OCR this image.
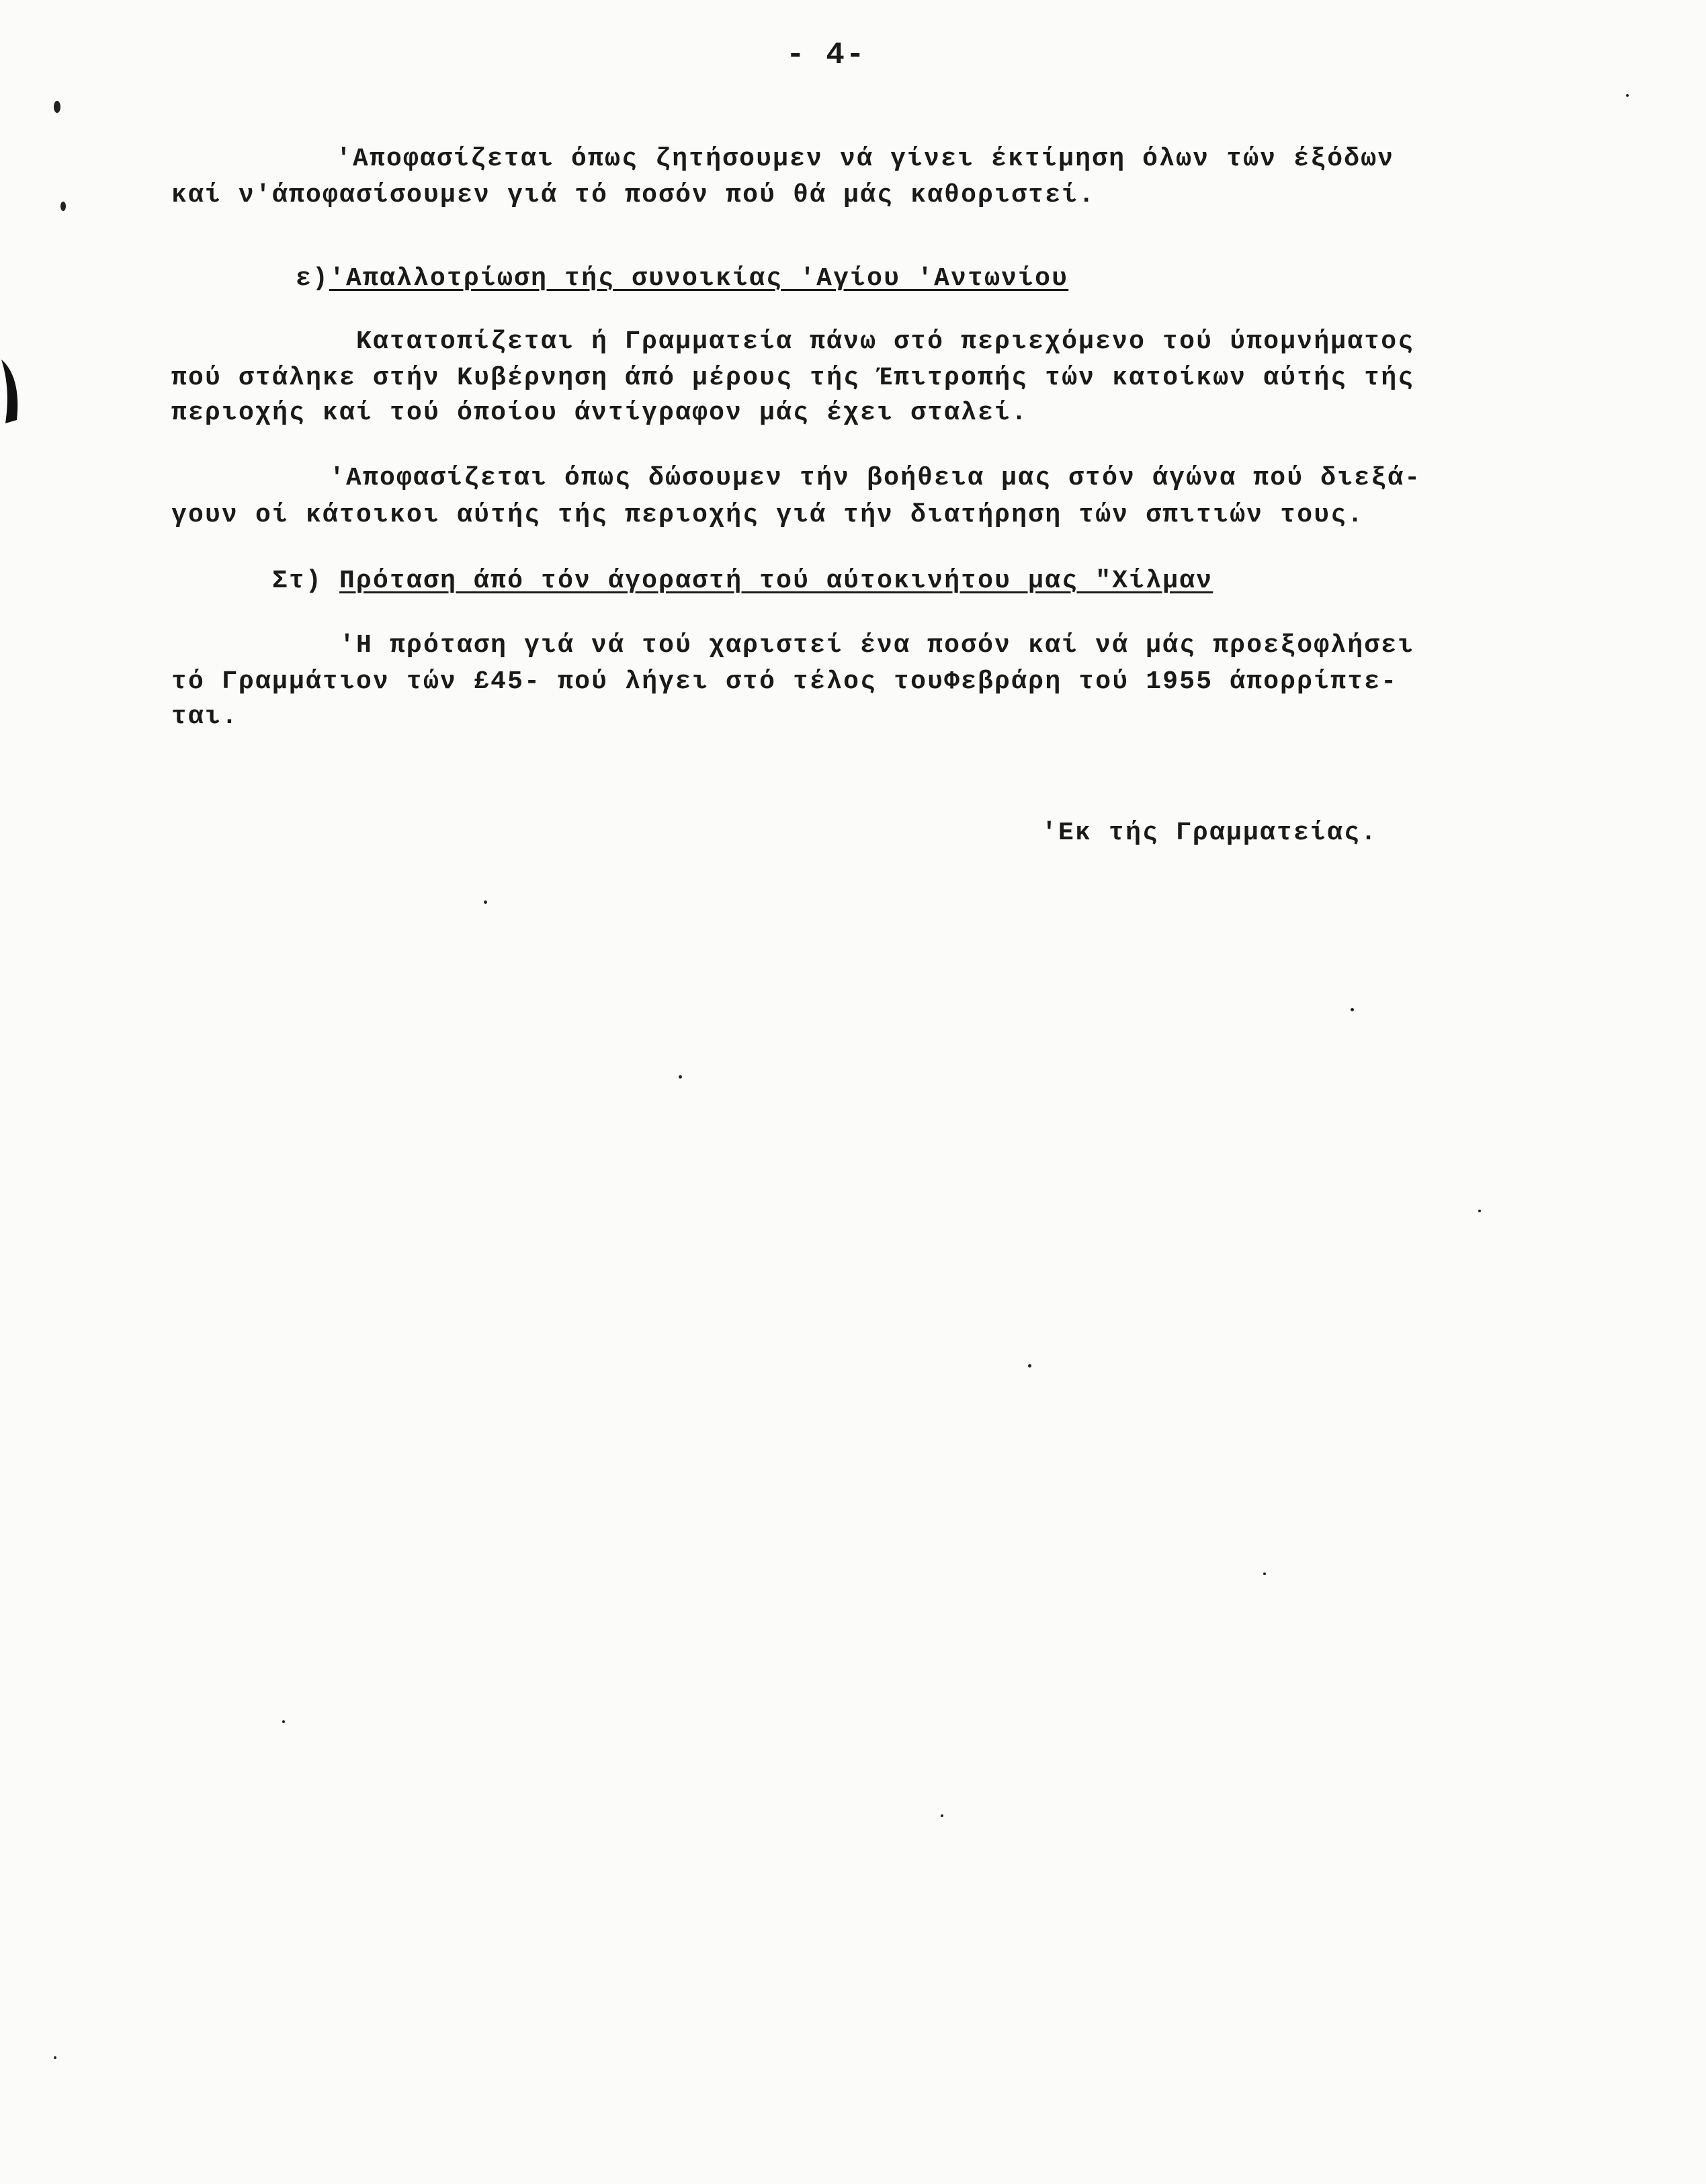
- 4-
'Αποφασίζεται όπως ζητήσουμεν νά γίνει έκτίμηση όλων τών έξόδων
καί ν'άποφασίσουμεν γιά τό ποσόν πού θά μάς καθοριστεί.
ε)'Απαλλοτρίωση τής συνοικίας 'Αγίου 'Αντωνίου
Κατατοπίζεται ή Γραμματεία πάνω στό περιεχόμενο τού ύπομνήματος
πού στάληκε στήν Κυβέρνηση άπό μέρους τής Έπιτροπής τών κατοίκων αύτής τής
περιοχής καί τού όποίου άντίγραφον μάς έχει σταλεί.
'Αποφασίζεται όπως δώσουμεν τήν βοήθεια μας στόν άγώνα πού διεξά-
γουν οί κάτοικοι αύτής τής περιοχής γιά τήν διατήρηση τών σπιτιών τους.
Στ) Πρόταση άπό τόν άγοραστή τού αύτοκινήτου μας "Χίλμαν
'Η πρόταση γιά νά τού χαριστεί ένα ποσόν καί νά μάς προεξοφλήσει
τό Γραμμάτιον τών £45- πού λήγει στό τέλος τουΦεβράρη τού 1955 άπορρίπτε-
ται.
'Εκ τής Γραμματείας.
